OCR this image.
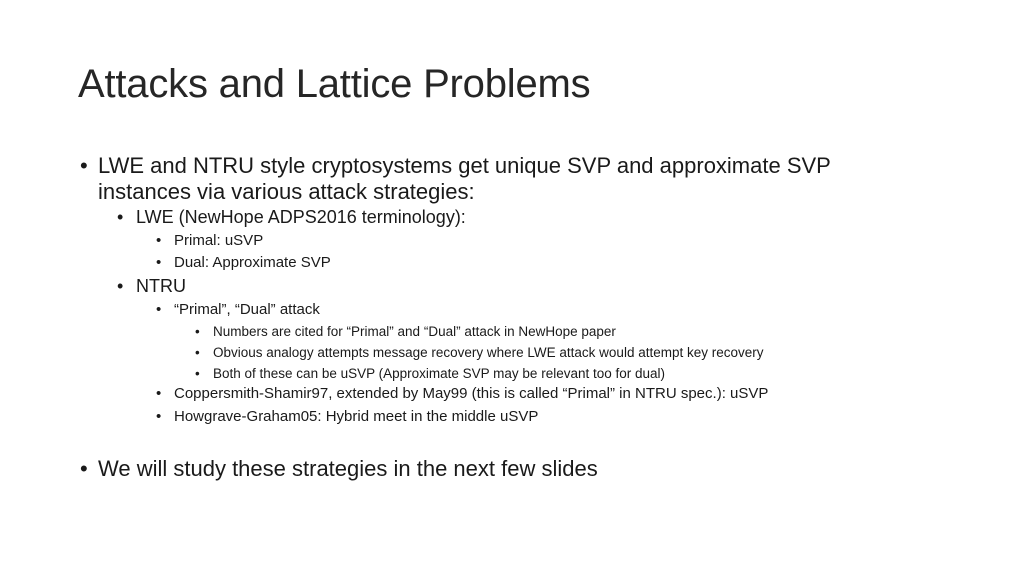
Attacks and Lattice Problems
• LWE and NTRU style cryptosystems get unique SVP and approximate SVP
instances via various attack strategies:
• LWE (NewHope ADPS2016 terminology):
• Primal: uSVP
• Dual: Approximate SVP
• NTRU
• “Primal”, “Dual” attack
• Numbers are cited for “Primal” and “Dual” attack in NewHope paper
• Obvious analogy attempts message recovery where LWE attack would attempt key recovery
• Both of these can be uSVP (Approximate SVP may be relevant too for dual)
• Coppersmith-Shamir97, extended by May99 (this is called “Primal” in NTRU spec.): uSVP
• Howgrave-Graham05: Hybrid meet in the middle uSVP
• We will study these strategies in the next few slides
